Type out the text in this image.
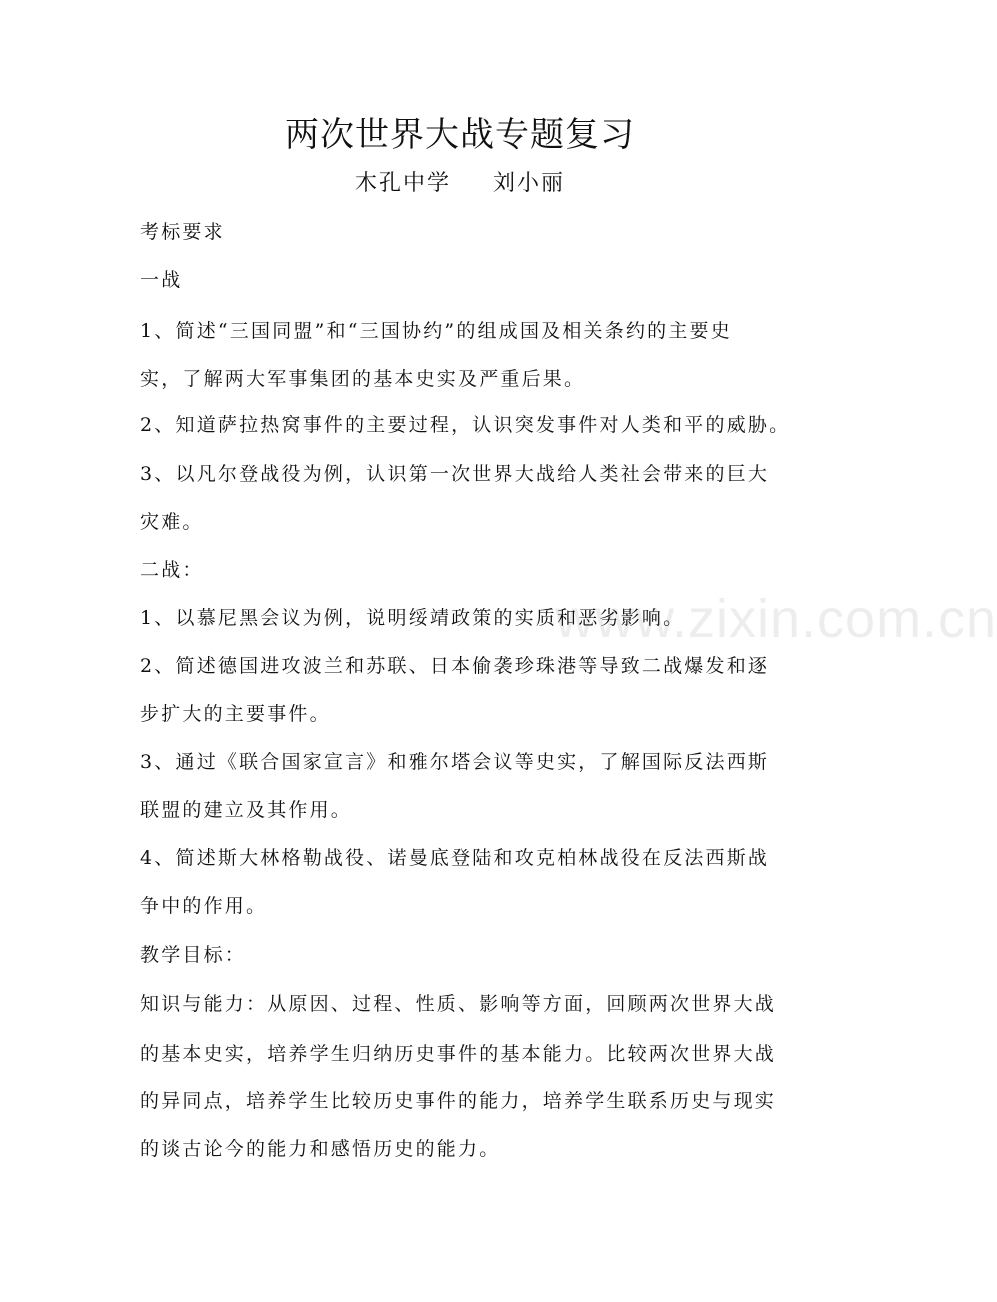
两次世界大战专题复习
木孔中学 刘小丽
考标要求
一战
1、简述“三国同盟”和“三国协约”的组成国及相关条约的主要史
实，了解两大军事集团的基本史实及严重后果。
2、知道萨拉热窝事件的主要过程，认识突发事件对人类和平的威胁。
3、以凡尔登战役为例，认识第一次世界大战给人类社会带来的巨大
灾难。
二战：
1、以慕尼黑会议为例，说明绥靖政策的实质和恶劣影响。
2、简述德国进攻波兰和苏联、日本偷袭珍珠港等导致二战爆发和逐
步扩大的主要事件。
3、通过《联合国家宣言》和雅尔塔会议等史实，了解国际反法西斯
联盟的建立及其作用。
4、简述斯大林格勒战役、诺曼底登陆和攻克柏林战役在反法西斯战
争中的作用。
教学目标：
知识与能力：从原因、过程、性质、影响等方面，回顾两次世界大战
的基本史实，培养学生归纳历史事件的基本能力。比较两次世界大战
的异同点，培养学生比较历史事件的能力，培养学生联系历史与现实
的谈古论今的能力和感悟历史的能力。
www.zixin.com.cn
